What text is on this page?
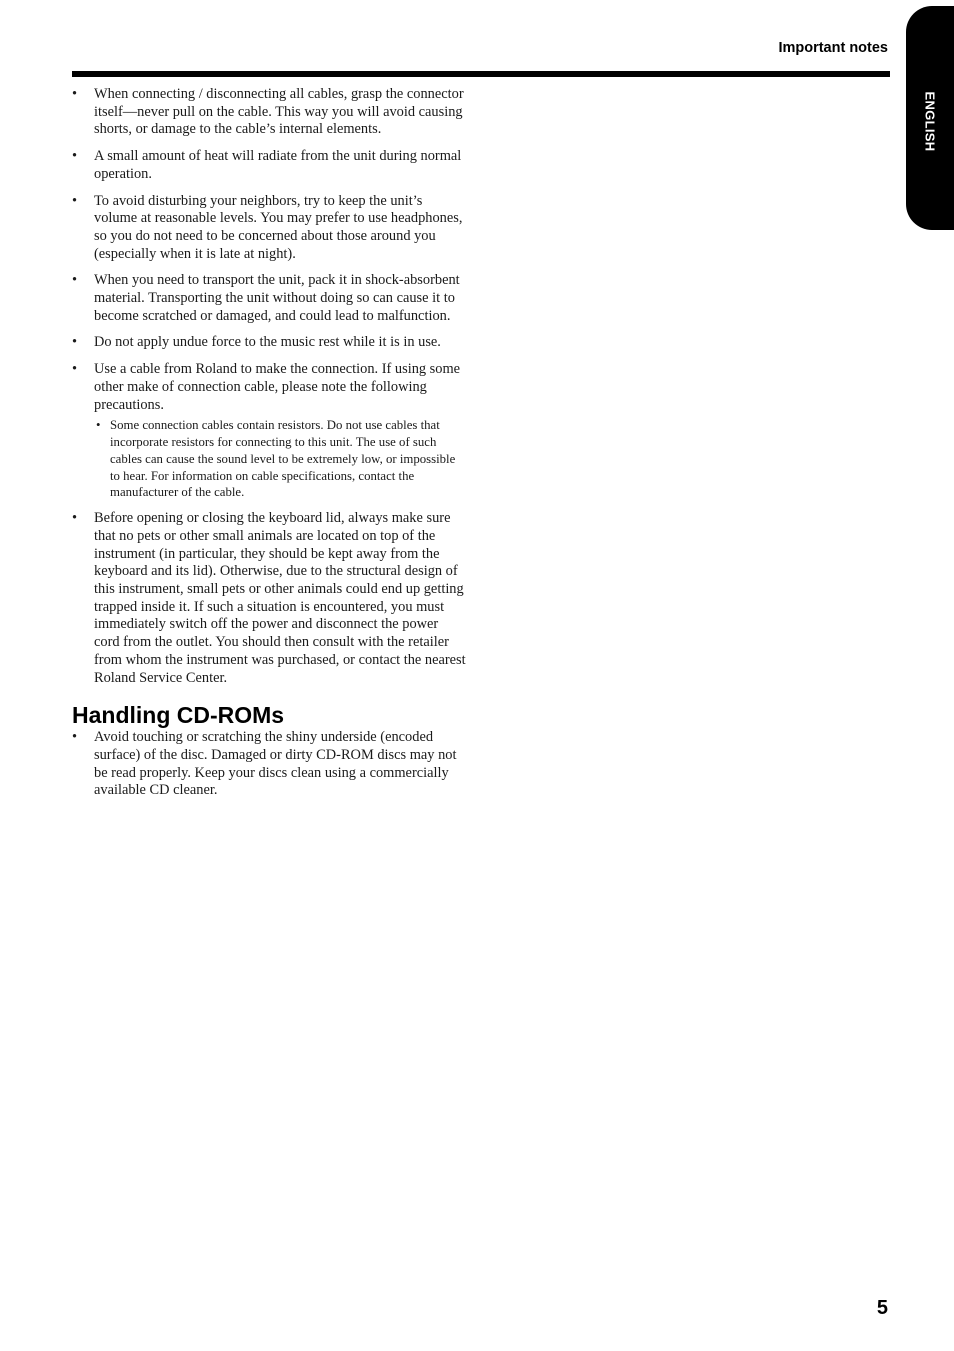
Important notes
ENGLISH
• When connecting / disconnecting all cables, grasp the connector itself—never pull on the cable. This way you will avoid causing shorts, or damage to the cable’s internal elements.
• A small amount of heat will radiate from the unit during normal operation.
• To avoid disturbing your neighbors, try to keep the unit’s volume at reasonable levels. You may prefer to use headphones, so you do not need to be concerned about those around you (especially when it is late at night).
• When you need to transport the unit, pack it in shock-absorbent material. Transporting the unit without doing so can cause it to become scratched or damaged, and could lead to malfunction.
• Do not apply undue force to the music rest while it is in use.
• Use a cable from Roland to make the connection. If using some other make of connection cable, please note the following precautions.
• Some connection cables contain resistors. Do not use cables that incorporate resistors for connecting to this unit. The use of such cables can cause the sound level to be extremely low, or impossible to hear. For information on cable specifications, contact the manufacturer of the cable.
• Before opening or closing the keyboard lid, always make sure that no pets or other small animals are located on top of the instrument (in particular, they should be kept away from the keyboard and its lid). Otherwise, due to the structural design of this instrument, small pets or other animals could end up getting trapped inside it. If such a situation is encountered, you must immediately switch off the power and disconnect the power cord from the outlet. You should then consult with the retailer from whom the instrument was purchased, or contact the nearest Roland Service Center.
Handling CD-ROMs
• Avoid touching or scratching the shiny underside (encoded surface) of the disc. Damaged or dirty CD-ROM discs may not be read properly. Keep your discs clean using a commercially available CD cleaner.
5
